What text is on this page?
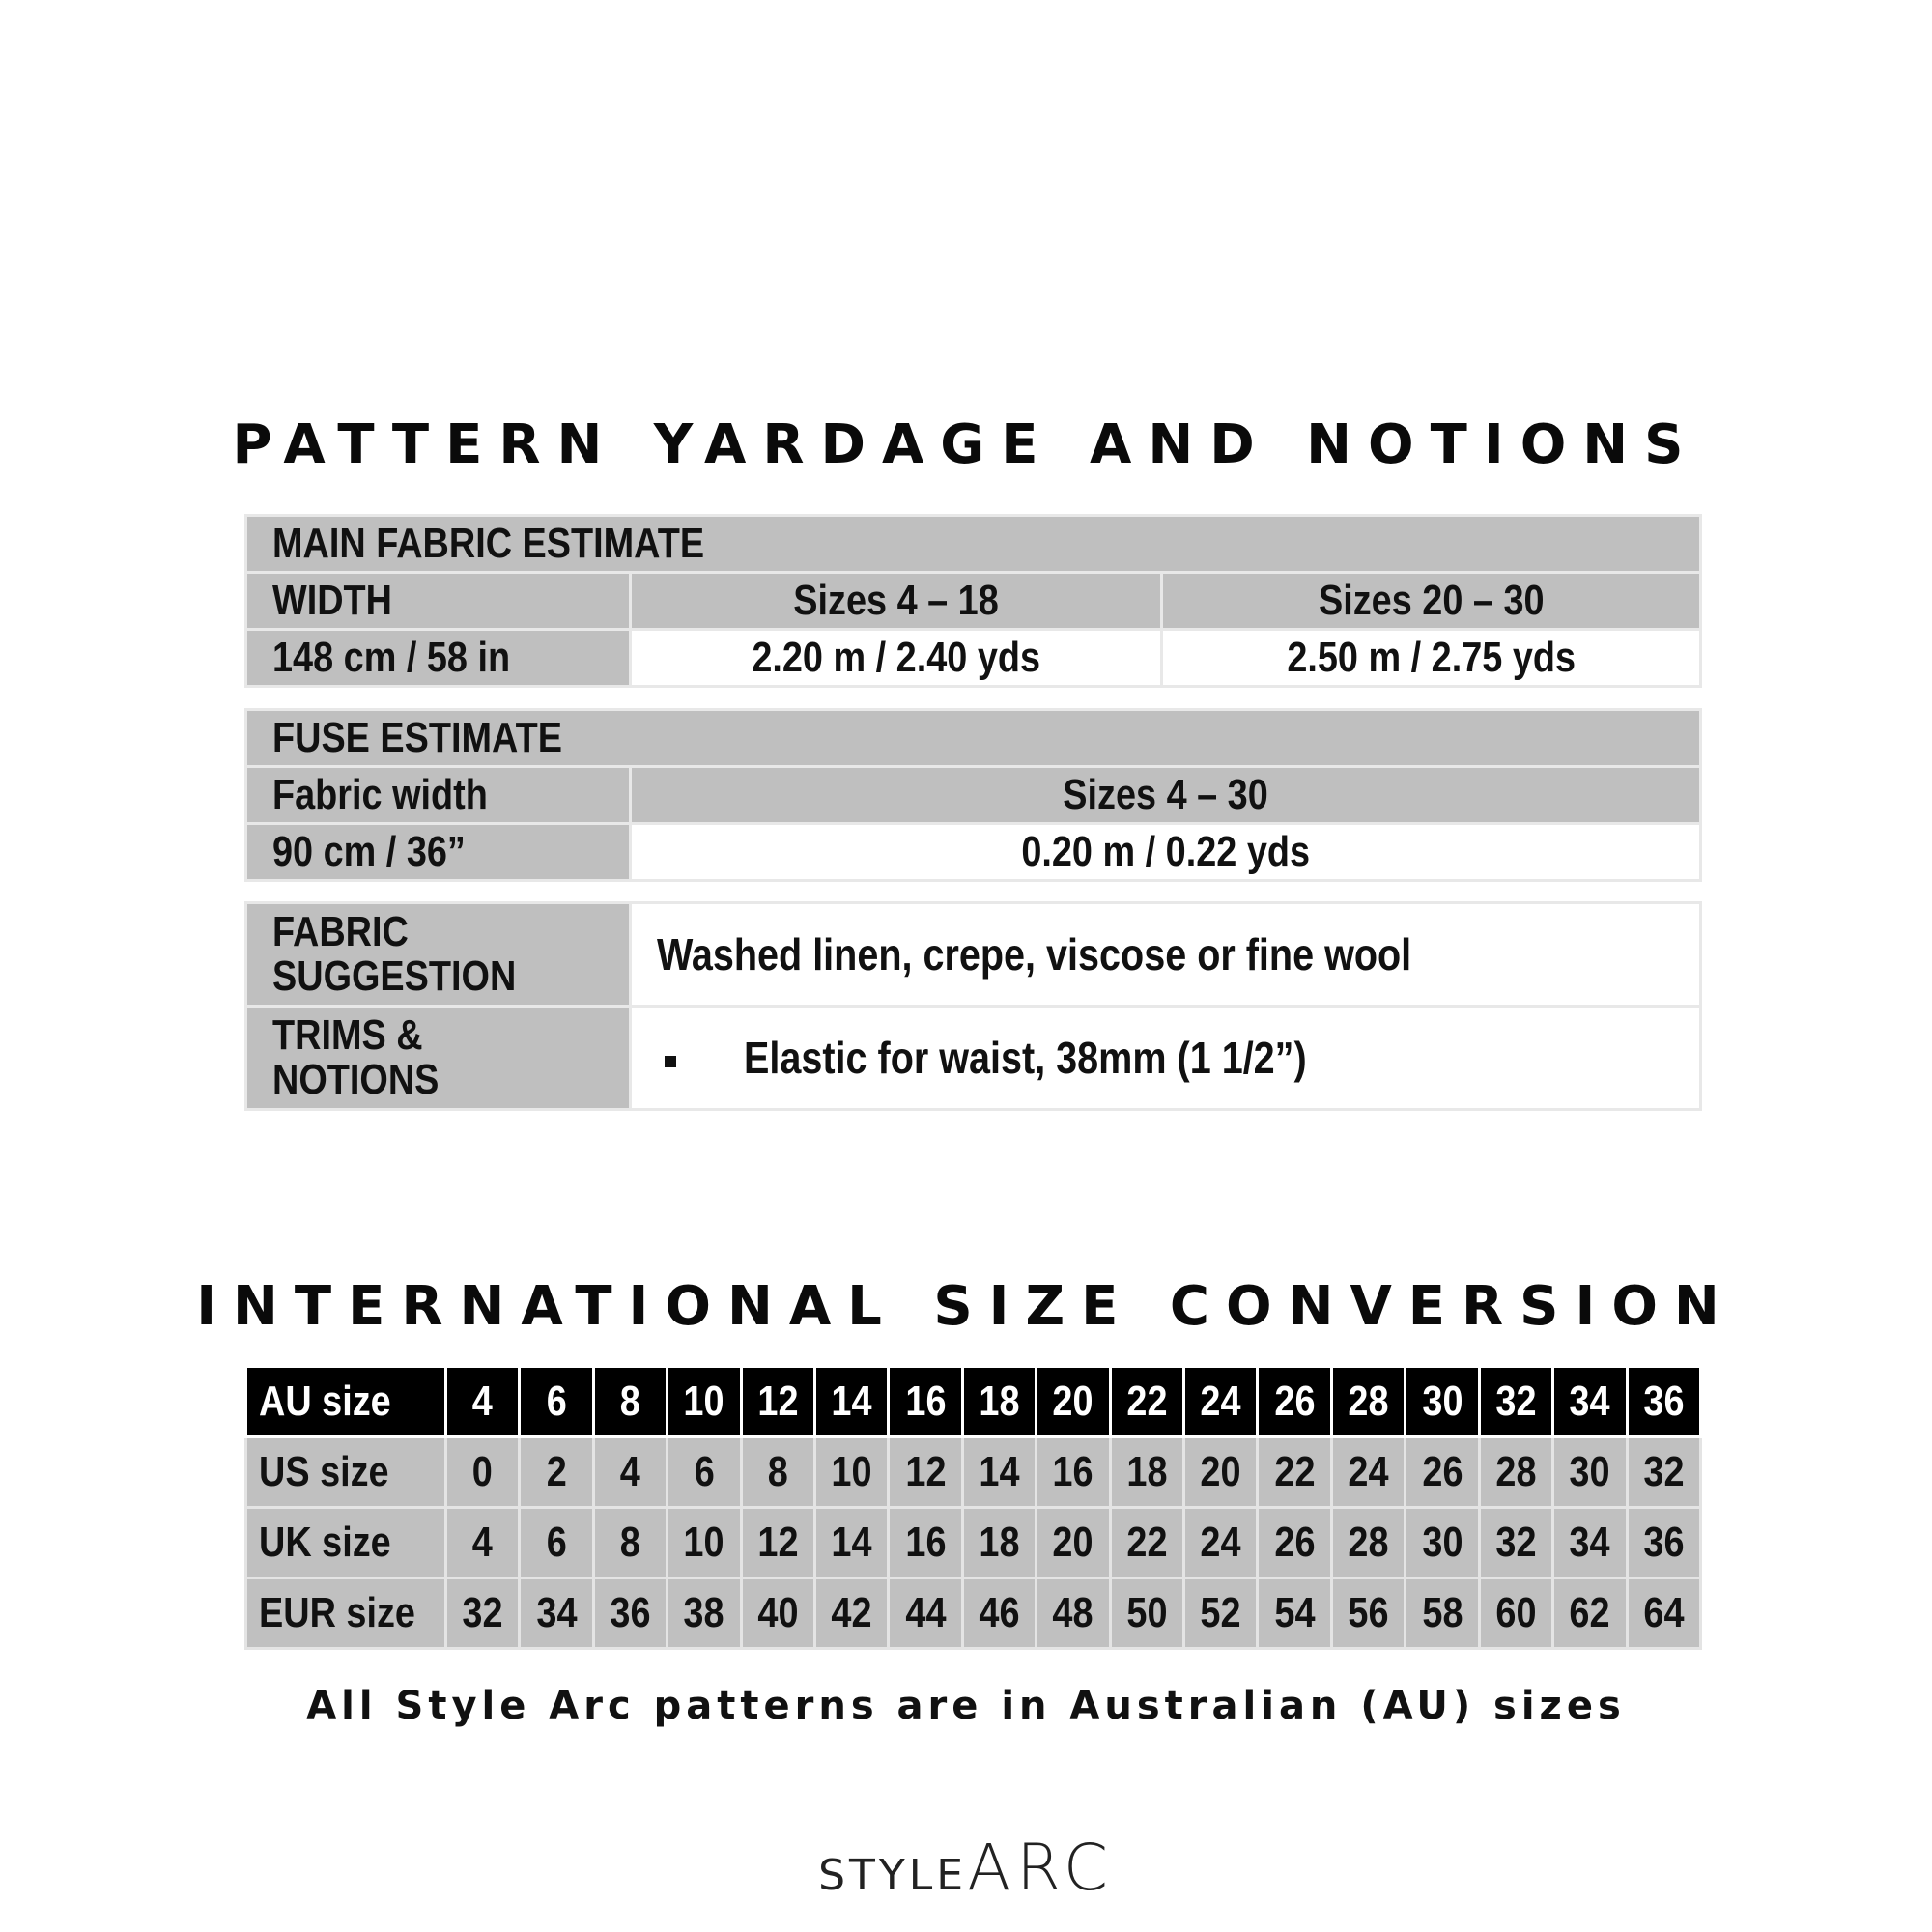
PATTERN YARDAGE AND NOTIONS
MAIN FABRIC ESTIMATE		
WIDTH	Sizes 4 – 18	Sizes 20 – 30
148 cm / 58 in	2.20 m / 2.40 yds	2.50 m / 2.75 yds
FUSE ESTIMATE	
Fabric width	Sizes 4 – 30
90 cm / 36”	0.20 m / 0.22 yds
FABRIC
SUGGESTION	Washed linen, crepe, viscose or fine wool
TRIMS &
NOTIONS	Elastic for waist, 38mm (1 1/2”)
INTERNATIONAL SIZE CONVERSION
AU size	4	6	8	10	12	14	16	18	20	22	24	26	28	30	32	34	36
US size	0	2	4	6	8	10	12	14	16	18	20	22	24	26	28	30	32
UK size	4	6	8	10	12	14	16	18	20	22	24	26	28	30	32	34	36
EUR size	32	34	36	38	40	42	44	46	48	50	52	54	56	58	60	62	64
All Style Arc patterns are in Australian (AU) sizes
STYLEARC
